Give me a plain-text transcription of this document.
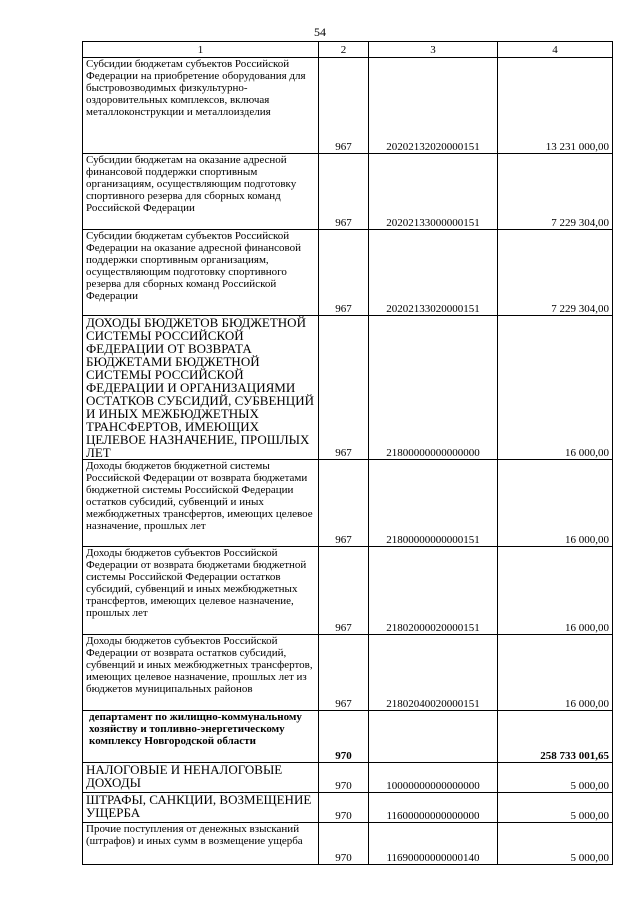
54
1	2	3	4
Субсидии бюджетам субъектов Российской Федерации на приобретение оборудования для быстровозводимых физкультурно-оздоровительных комплексов, включая металлоконструкции и металлоизделия	967	20202132020000151	13 231 000,00
Субсидии бюджетам на оказание адресной финансовой поддержки спортивным организациям, осуществляющим подготовку спортивного резерва для сборных команд Российской Федерации	967	20202133000000151	7 229 304,00
Субсидии бюджетам субъектов Российской Федерации на оказание адресной финансовой поддержки спортивным организациям, осуществляющим подготовку спортивного резерва для сборных команд Российской Федерации	967	20202133020000151	7 229 304,00
ДОХОДЫ БЮДЖЕТОВ БЮДЖЕТНОЙ СИСТЕМЫ РОССИЙСКОЙ ФЕДЕРАЦИИ ОТ ВОЗВРАТА БЮДЖЕТАМИ БЮДЖЕТНОЙ СИСТЕМЫ РОССИЙСКОЙ ФЕДЕРАЦИИ И ОРГАНИЗАЦИЯМИ ОСТАТКОВ СУБСИДИЙ, СУБВЕНЦИЙ И ИНЫХ МЕЖБЮДЖЕТНЫХ ТРАНСФЕРТОВ, ИМЕЮЩИХ ЦЕЛЕВОЕ НАЗНАЧЕНИЕ, ПРОШЛЫХ ЛЕТ	967	21800000000000000	16 000,00
Доходы бюджетов бюджетной системы Российской Федерации от возврата бюджетами бюджетной системы Российской Федерации остатков субсидий, субвенций и иных межбюджетных трансфертов, имеющих целевое назначение, прошлых лет	967	21800000000000151	16 000,00
Доходы бюджетов субъектов Российской Федерации от возврата бюджетами бюджетной системы Российской Федерации остатков субсидий, субвенций и иных межбюджетных трансфертов, имеющих целевое назначение, прошлых лет	967	21802000020000151	16 000,00
Доходы бюджетов субъектов Российской Федерации от возврата остатков субсидий, субвенций и иных межбюджетных трансфертов, имеющих целевое назначение, прошлых лет из бюджетов муниципальных районов	967	21802040020000151	16 000,00
департамент по жилищно-коммунальному хозяйству и топливно-энергетическому комплексу Новгородской области	970		258 733 001,65
НАЛОГОВЫЕ И НЕНАЛОГОВЫЕ ДОХОДЫ	970	10000000000000000	5 000,00
ШТРАФЫ, САНКЦИИ, ВОЗМЕЩЕНИЕ УЩЕРБА	970	11600000000000000	5 000,00
Прочие поступления от денежных взысканий (штрафов) и иных сумм в возмещение ущерба	970	11690000000000140	5 000,00
